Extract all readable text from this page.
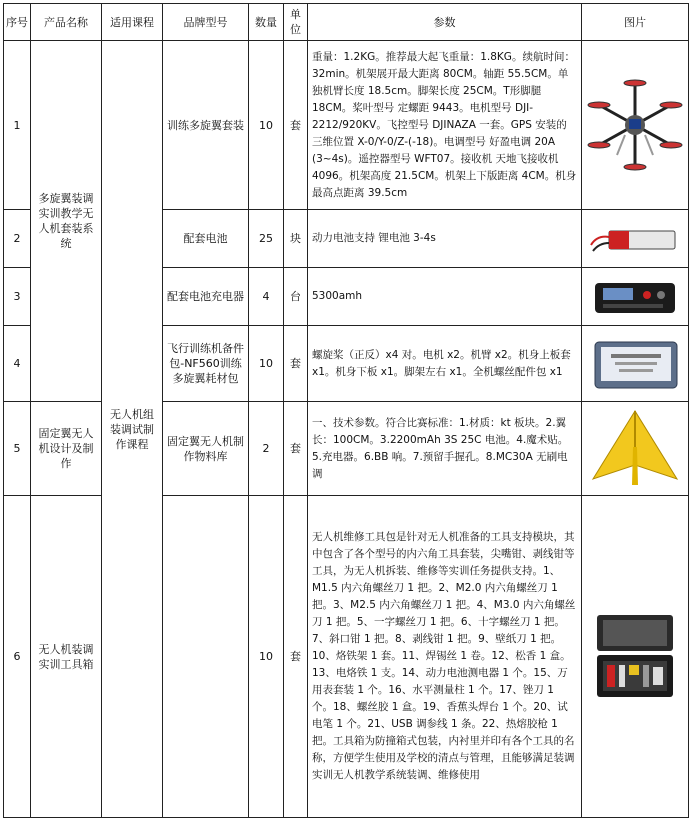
序号	产品名称	适用课程	品牌型号	数量	单位	参数	图片
1	多旋翼装调实训教学无人机套装系统	无人机组装调试制作课程	训练多旋翼套装	10	套	重量：1.2KG。推荐最大起飞重量：1.8KG。续航时间：32min。机架展开最大距离 80CM。轴距 55.5CM。单独机臂长度 18.5cm。脚架长度 25CM。T形脚腿 18CM。桨叶型号 定螺距 9443。电机型号 DJI-2212/920KV。飞控型号 DJINAZA 一套。GPS 安装的三维位置 X-0/Y-0/Z-(-18)。电调型号 好盈电调 20A (3~4s)。遥控器型号 WFT07。接收机 天地飞接收机 4096。机架高度 21.5CM。机架上下版距离 4CM。机身最高点距离 39.5cm	

2			配套电池	25	块	动力电池支持 锂电池 3-4s	

3			配套电池充电器	4	台	5300amh	

4			飞行训练机备件包-NF560训练多旋翼耗材包	10	套	螺旋桨（正反）x4 对。电机 x2。机臂 x2。机身上板套 x1。机身下板 x1。脚架左右 x1。全机螺丝配件包 x1	

5	固定翼无人机设计及制作		固定翼无人机制作物料库	2	套	一、技术参数。符合比赛标准：1.材质：kt 板块。2.翼长：100CM。3.2200mAh 3S 25C 电池。4.魔术贴。5.充电器。6.BB 响。7.预留手握孔。8.MC30A 无刷电调	

6	无人机装调实训工具箱			10	套	无人机维修工具包是针对无人机准备的工具支持模块，其中包含了各个型号的内六角工具套装，尖嘴钳、剥线钳等工具，为无人机拆装、维修等实训任务提供支持。1、M1.5 内六角螺丝刀 1 把。2、M2.0 内六角螺丝刀 1 把。3、M2.5 内六角螺丝刀 1 把。4、M3.0 内六角螺丝刀 1 把。5、一字螺丝刀 1 把。6、十字螺丝刀 1 把。7、斜口钳 1 把。8、剥线钳 1 把。9、壁纸刀 1 把。10、烙铁架 1 套。11、焊锡丝 1 卷。12、松香 1 盒。13、电烙铁 1 支。14、动力电池测电器 1 个。15、万用表套装 1 个。16、水平测量柱 1 个。17、锉刀 1 个。18、螺丝胶 1 盒。19、香蕉头焊台 1 个。20、试电笔 1 个。21、USB 调参线 1 条。22、热熔胶枪 1 把。工具箱为防撞箱式包装，内衬里并印有各个工具的名称，方便学生使用及学校的清点与管理，且能够满足装调实训无人机教学系统装调、维修使用	
